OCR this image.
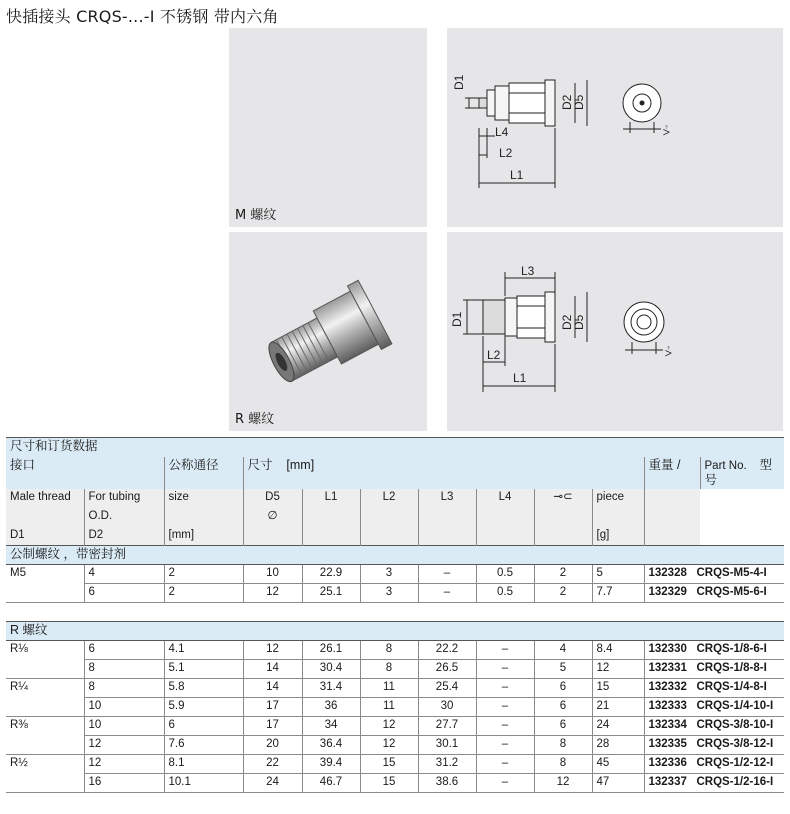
快插接头 CRQS-...-I 不锈钢 带内六角
M 螺纹
D1
D2
D5
L4
L2
L1
⩼
R 螺纹
D1	D2
D5
L3
L2
L1
⩼
尺寸和订货数据											
接口		公称通径	尺寸 [mm]							重量 /	Part No. 型号
Male thread	For tubing	size	D5	L1	L2	L3	L4	⊸⊂	piece		
	O.D.		∅								
D1	D2	[mm]							[g]		
公制螺纹 ，带密封剂											
M5	4	2	10	22.9	3	–	0.5	2	5	132328 CRQS-M5-4-I	
	6	2	12	25.1	3	–	0.5	2	7.7	132329 CRQS-M5-6-I	

R 螺纹											
R⅛	6	4.1	12	26.1	8	22.2	–	4	8.4	132330 CRQS-1/8-6-I	
	8	5.1	14	30.4	8	26.5	–	5	12	132331 CRQS-1/8-8-I	
R¼	8	5.8	14	31.4	11	25.4	–	6	15	132332 CRQS-1/4-8-I	
	10	5.9	17	36	11	30	–	6	21	132333 CRQS-1/4-10-I	
R⅜	10	6	17	34	12	27.7	–	6	24	132334 CRQS-3/8-10-I	
	12	7.6	20	36.4	12	30.1	–	8	28	132335 CRQS-3/8-12-I	
R½	12	8.1	22	39.4	15	31.2	–	8	45	132336 CRQS-1/2-12-I	
	16	10.1	24	46.7	15	38.6	–	12	47	132337 CRQS-1/2-16-I	
